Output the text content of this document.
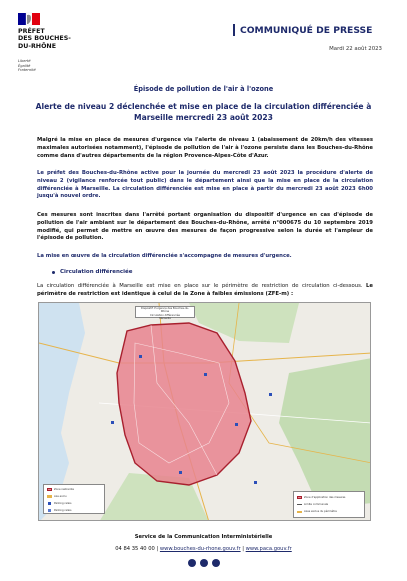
PRÉFET
DES BOUCHES-
DU-RHÔNE
Liberté
Égalité
Fraternité
COMMUNIQUÉ DE PRESSE
Mardi 22 août 2023
Épisode de pollution de l'air à l'ozone
Alerte de niveau 2 déclenchée et mise en place de la circulation différenciée à
Marseille mercredi 23 août 2023

Malgré la mise en place de mesures d'urgence via l'alerte de niveau 1 (abaissement de 20km/h des vitesses maximales autorisées notamment), l'épisode de pollution de l'air à l'ozone persiste dans les Bouches-du-Rhône comme dans d'autres départements de la région Provence-Alpes-Côte d'Azur.

Le préfet des Bouches-du-Rhône active pour la journée du mercredi 23 août 2023 la procédure d'alerte de niveau 2 (vigilance renforcée tout public) dans le département ainsi que la mise en place de la circulation différenciée à Marseille. La circulation différenciée est mise en place à partir du mercredi 23 août 2023 6h00 jusqu'à nouvel ordre.

Ces mesures sont inscrites dans l'arrêté portant organisation du dispositif d'urgence en cas d'épisode de pollution de l'air ambiant sur le département des Bouches-du-Rhône, arrêté n°000675 du 10 septembre 2019 modifié, qui permet de mettre en œuvre des mesures de façon progressive selon la durée et l'ampleur de l'épisode de pollution.

La mise en œuvre de la circulation différenciée s'accompagne de mesures d'urgence.

Circulation différenciée

La circulation différenciée à Marseille est mise en place sur le périmètre de restriction de circulation ci-dessous. Le périmètre de restriction est identique à celui de la Zone à faibles émissions (ZFE-m) :

Dispositif d'urgence des Bouches-du-Rhône
Circulation différenciée
Marseille
Zone restreinte
Axe exclu
Parking relais
Parking relais
Zone d'application des mesures
Limite communale
Axes exclus du périmètre
Service de la Communication Interministérielle
04 84 35 40 00 | www.bouches-du-rhone.gouv.fr | www.paca.gouv.fr
